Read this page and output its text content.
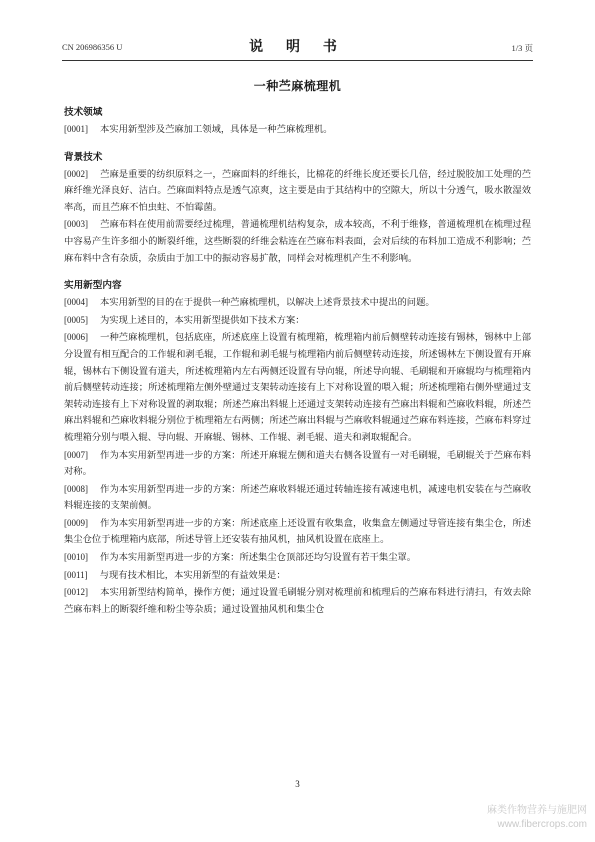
CN 206986356 U	说 明 书	1/3 页
一种苎麻梳理机

技术领域

[0001] 本实用新型涉及苎麻加工领域，具体是一种苎麻梳理机。

背景技术

[0002] 苎麻是重要的纺织原料之一，苎麻面料的纤维长，比棉花的纤维长度还要长几倍，经过脱胶加工处理的苎麻纤维光泽良好、洁白。苎麻面料特点是透气凉爽，这主要是由于其结构中的空隙大，所以十分透气，吸水散湿效率高，而且苎麻不怕虫蛀、不怕霉菌。

[0003] 苎麻布料在使用前需要经过梳理，普通梳理机结构复杂，成本较高，不利于维修，普通梳理机在梳理过程中容易产生许多细小的断裂纤维，这些断裂的纤维会粘连在苎麻布料表面，会对后续的布料加工造成不利影响；苎麻布料中含有杂质，杂质由于加工中的振动容易扩散，同样会对梳理机产生不利影响。

实用新型内容

[0004] 本实用新型的目的在于提供一种苎麻梳理机，以解决上述背景技术中提出的问题。

[0005] 为实现上述目的，本实用新型提供如下技术方案：

[0006] 一种苎麻梳理机，包括底座，所述底座上设置有梳理箱，梳理箱内前后侧壁转动连接有锡林，锡林中上部分设置有相互配合的工作辊和剥毛辊，工作辊和剥毛辊与梳理箱内前后侧壁转动连接，所述锡林左下侧设置有开麻辊，锡林右下侧设置有道夫，所述梳理箱内左右两侧还设置有导向辊，所述导向辊、毛刷辊和开麻辊均与梳理箱内前后侧壁转动连接；所述梳理箱左侧外壁通过支架转动连接有上下对称设置的喂入辊；所述梳理箱右侧外壁通过支架转动连接有上下对称设置的剥取辊；所述苎麻出料辊上还通过支架转动连接有苎麻出料辊和苎麻收料辊，所述苎麻出料辊和苎麻收料辊分别位于梳理箱左右两侧；所述苎麻出料辊与苎麻收料辊通过苎麻布料连接，苎麻布料穿过梳理箱分别与喂入辊、导向辊、开麻辊、锡林、工作辊、剥毛辊、道夫和剥取辊配合。

[0007] 作为本实用新型再进一步的方案：所述开麻辊左侧和道夫右侧各设置有一对毛刷辊，毛刷辊关于苎麻布料对称。

[0008] 作为本实用新型再进一步的方案：所述苎麻收料辊还通过转轴连接有减速电机，减速电机安装在与苎麻收料辊连接的支架前侧。

[0009] 作为本实用新型再进一步的方案：所述底座上还设置有收集盒，收集盒左侧通过导管连接有集尘仓，所述集尘仓位于梳理箱内底部，所述导管上还安装有抽风机，抽风机设置在底座上。

[0010] 作为本实用新型再进一步的方案：所述集尘仓顶部还均匀设置有若干集尘罩。

[0011] 与现有技术相比，本实用新型的有益效果是：

[0012] 本实用新型结构简单，操作方便；通过设置毛刷辊分别对梳理前和梳理后的苎麻布料进行清扫，有效去除苎麻布料上的断裂纤维和粉尘等杂质；通过设置抽风机和集尘仓

3
麻类作物营养与施肥网
www.fibercrops.com
